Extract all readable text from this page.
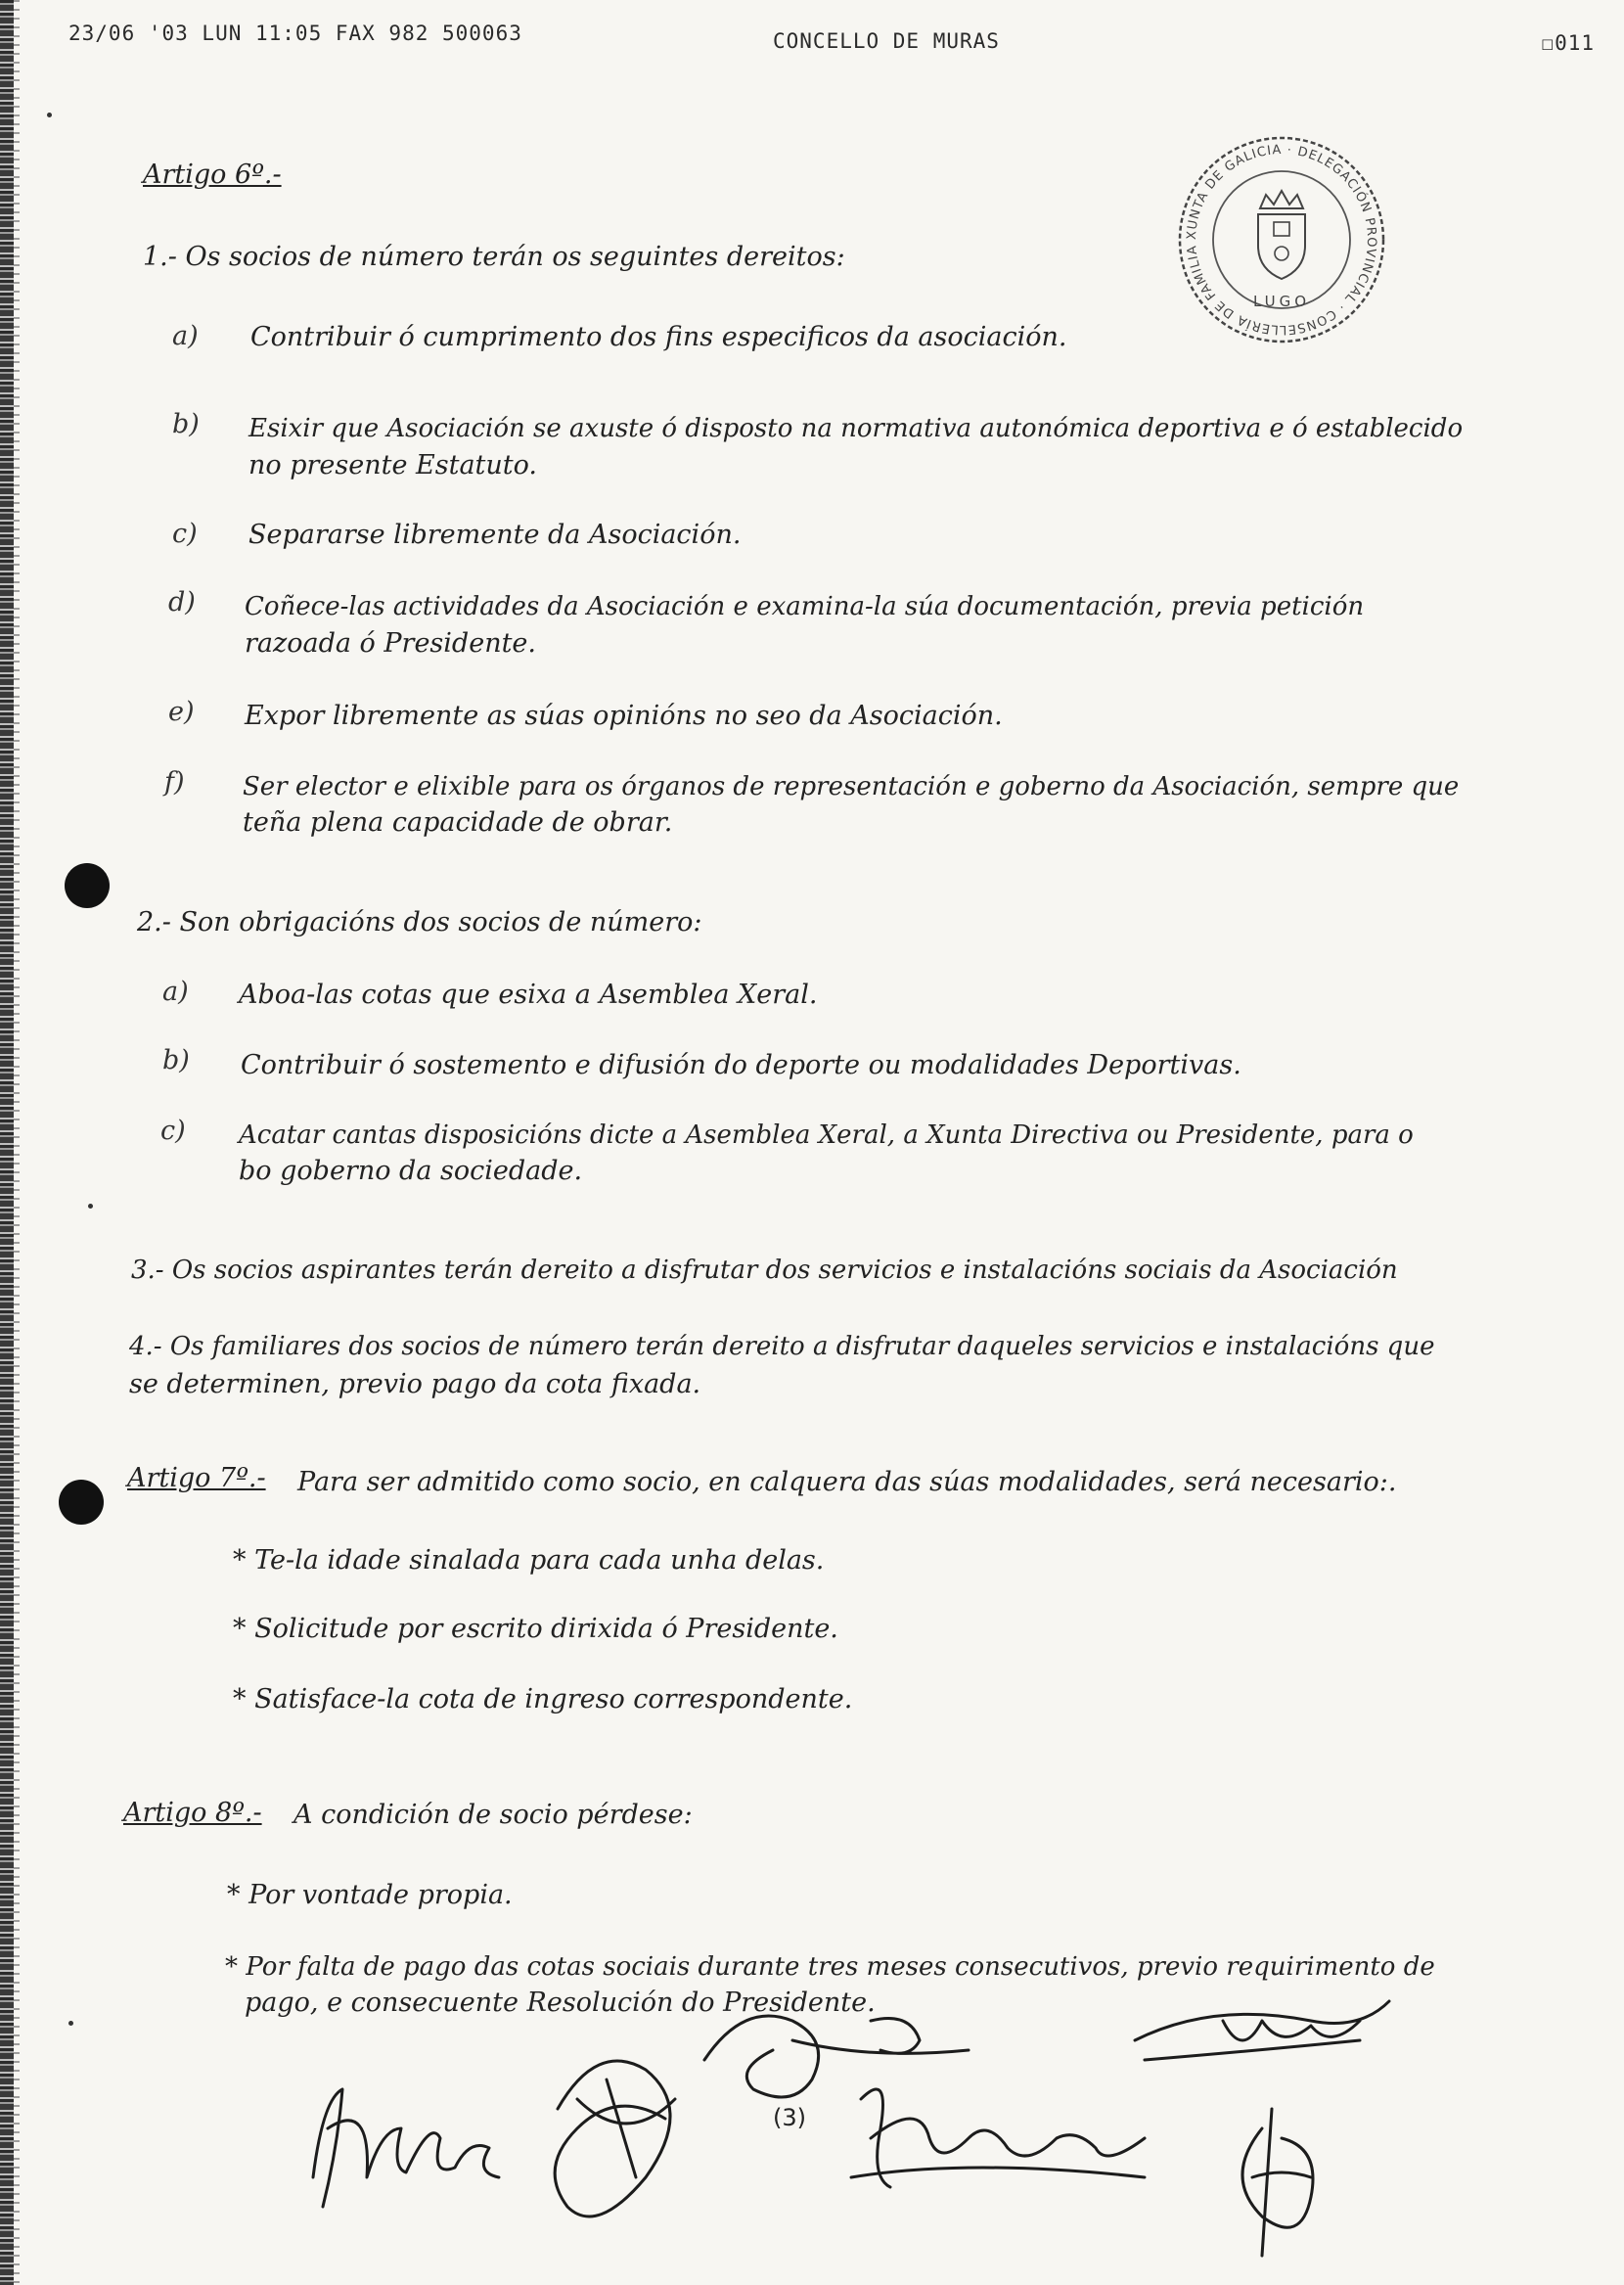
23/06 '03 LUN 11:05 FAX 982 500063	CONCELLO DE MURAS	☐011
XUNTA DE GALICIA · DELEGACIÓN PROVINCIAL · CONSELLERÍA DE FAMILIA
LUGO
Artigo 6º.-
1.- Os socios de número terán os seguintes dereitos:
a) Contribuir ó cumprimento dos fins especificos da asociación.
b) Esixir que Asociación se axuste ó disposto na normativa autonómica deportiva e ó establecido
no presente Estatuto.
c) Separarse libremente da Asociación.
d) Coñece-las actividades da Asociación e examina-la súa documentación, previa petición
razoada ó Presidente.
e) Expor libremente as súas opinións no seo da Asociación.
f) Ser elector e elixible para os órganos de representación e goberno da Asociación, sempre que
teña plena capacidade de obrar.
2.- Son obrigacións dos socios de número:
a) Aboa-las cotas que esixa a Asemblea Xeral.
b) Contribuir ó sostemento e difusión do deporte ou modalidades Deportivas.
c) Acatar cantas disposicións dicte a Asemblea Xeral, a Xunta Directiva ou Presidente, para o
bo goberno da sociedade.
3.- Os socios aspirantes terán dereito a disfrutar dos servicios e instalacións sociais da Asociación
4.- Os familiares dos socios de número terán dereito a disfrutar daqueles servicios e instalacións que
se determinen, previo pago da cota fixada.
Artigo 7º.- Para ser admitido como socio, en calquera das súas modalidades, será necesario:.
* Te-la idade sinalada para cada unha delas.
* Solicitude por escrito dirixida ó Presidente.
* Satisface-la cota de ingreso correspondente.
Artigo 8º.- A condición de socio pérdese:
* Por vontade propia.
* Por falta de pago das cotas sociais durante tres meses consecutivos, previo requirimento de
pago, e consecuente Resolución do Presidente.
(3)
